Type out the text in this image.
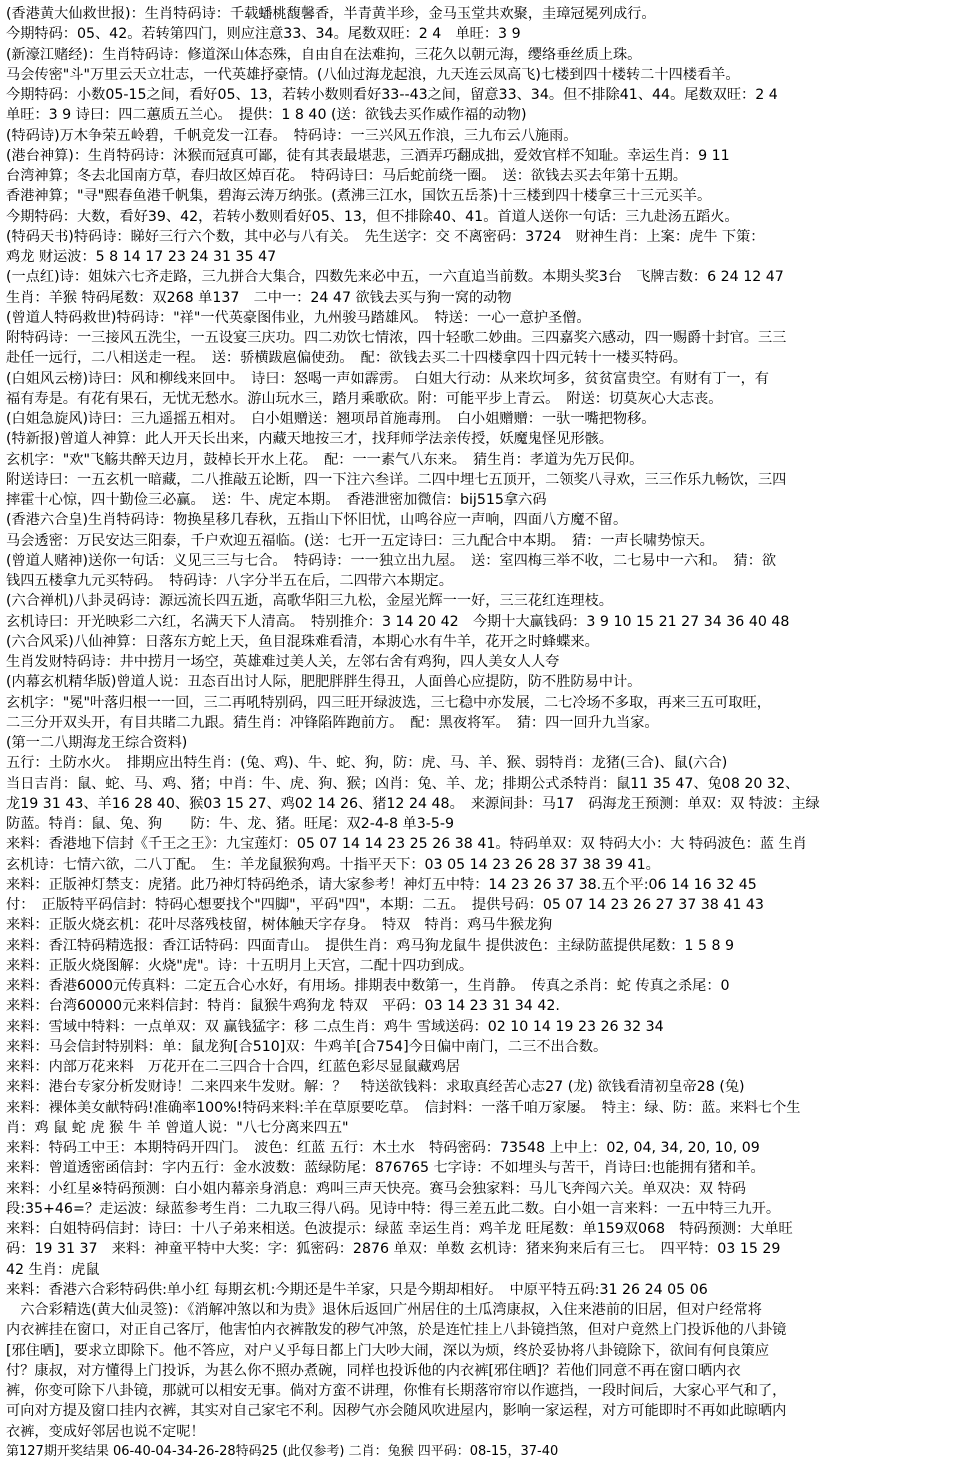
(香港黄大仙救世报)：生肖特码诗：千载蟠桃馥馨香，半青黄半珍，金马玉堂共欢聚，圭璋冠冕列成行。
今期特码：05、42。若转第四门，则应注意33、34。尾数双旺：2 4　单旺：3 9
(新濠江赌经)：生肖特码诗：修道深山体态殊，自由自在法难拘，三花久以朝元海，缨络垂丝质上珠。
马会传密"斗"万里云天立壮志，一代英雄抒豪情。(八仙过海龙起浪，九天连云凤高飞)七楼到四十楼转二十四楼看羊。
今期特码：小数05-15之间，看好05、13，若转小数则看好33--43之间，留意33、34。但不排除41、44。尾数双旺：2 4
单旺：3 9 诗曰：四二蕙质五兰心。　提供：1 8 40 (送：欲钱去买作威作福的动物)
(特码诗)万木争荣五岭碧，千帆竞发一江春。　特码诗：一三兴风五作浪，三九布云八施雨。
(港台神算)：生肖特码诗：沐猴而冠真可鄙，徒有其表最堪悲，三酒弄巧翻成拙，爱效官样不知耻。幸运生肖：9 11
台湾神算；冬去北国南方草，春归故区焯百花。　特码诗曰：马后蛇前绕一圈。　送：欲钱去买去年第十五期。
香港神算；"寻"熙春鱼港千帆集，碧海云涛万纳张。(煮沸三江水，国饮五岳茶)十三楼到四十楼拿三十三元买羊。
今期特码：大数，看好39、42，若转小数则看好05、13，但不排除40、41。首道人送你一句话：三九赴汤五蹈火。
(特码天书)特码诗：睇好三行六个数，其中必与八有关。　先生送字：交 不离密码：3724　财神生肖：上案：虎牛 下策：
鸡龙 财运波：5 8 14 17 23 24 31 35 47
(一点红)诗：姐妹六七齐走路，三九拼合大集合，四数先来必中五，一六直追当前数。本期头奖3台　飞牌吉数：6 24 12 47
生肖：羊猴 特码尾数：双268 单137　二中一：24 47 欲钱去买与狗一窝的动物
(曾道人特码救世)特码诗："祥"一代英豪图伟业，九州骏马踏雄风。　特送：一心一意护圣僧。
附特码诗：一三接风五洗尘，一五设宴三庆功。四二劝饮七情浓，四十轻歌二妙曲。三四嘉奖六感动，四一赐爵十封官。三三
赴任一远行，二八相送走一程。　送：骄横跋扈偏使劲。　配：欲钱去买二十四楼拿四十四元转十一楼买特码。
(白姐风云榜)诗曰：风和柳线来回中。　诗曰：怒喝一声如霹雳。　白姐大行动：从来坎坷多，贫贫富贵空。有财有丁一，有
福有寿是。有花有果石，无忧无愁水。游山玩水三，踏月乘歌砍。附：可能平步上青云。　附送：切莫灰心大志丧。
(白姐急旋风)诗曰：三九遥摇五相对。　白小姐赠送：翘项昂首施毒刑。　白小姐赠赠：一驮一嘴把物移。
(特新报)曾道人神算：此人开天长出来，内藏天地按三才，找拜师学法亲传授，妖魔鬼怪见形骸。
玄机字："欢"飞觞共醉天边月，鼓棹长开水上花。　配：一一素气八东来。　猜生肖：孝道为先万民仰。
附送诗曰：一五玄机一暗藏，二八推敲五论断，四一下注六叁详。二四中埋七五顶开，二领奖八寻欢，三三作乐九畅饮，三四
摔霍十心惊，四十勤俭三必赢。　送：牛、虎定本期。　香港泄密加微信：bij515拿六码
(香港六合皇)生肖特码诗：物换星移几春秋，五指山下怀旧忧，山鸣谷应一声响，四面八方魔不留。
马会透密：万民安达三阳泰，千户欢迎五福临。(送：七开一五定诗曰：三九配合中本期。　猜：一声长啸势惊天。
(曾道人赌神)送你一句话：义见三三与七合。　特码诗：一一独立出九屋。　送：室四梅三举不收，二七易中一六和。　猜：欲
钱四五楼拿九元买特码。　特码诗：八字分半五在后，二四带六本期定。
(六合禅机)八卦灵码诗：源远流长四五逝，高歌华阳三九松，金屋光辉一一好，三三花红连理枝。
玄机诗曰：开光映彩二六红，名满天下人清高。　特别推介：3 14 20 42　今期十大赢钱码：3 9 10 15 21 27 34 36 40 48
(六合风采)八仙神算：日落东方蛇上天，鱼目混珠难看清，本期心水有牛羊，花开之时蜂蝶来。
生肖发财特码诗：井中捞月一场空，英雄难过美人关，左邻右舍有鸡狗，四人美女人人夸
(内幕玄机精华版)曾道人说：丑态百出讨人际，肥肥胖胖生得丑，人面兽心应提防，防不胜防易中计。
玄机字："冕"叶落归根一一回，三二再吼特别码，四三旺开绿波选，三七稳中亦发展，二七冷场不多取，再来三五可取旺，
二三分开双头开，有目共睹二九跟。猜生肖：冲锋陷阵跑前方。　配：黑夜将军。　猜：四一回升九当家。
(第一二八期海龙王综合资料)
五行：土防水火。　排期应出特生肖：(兔、鸡)、牛、蛇、狗，防：虎、马、羊、猴、弱特肖：龙猪(三合)、鼠(六合)
当日吉肖：鼠、蛇、马、鸡、猪；中肖：牛、虎、狗、猴；凶肖：兔、羊、龙；排期公式杀特肖：鼠11 35 47、兔08 20 32、
龙19 31 43、羊16 28 40、猴03 15 27、鸡02 14 26、猪12 24 48。　来源间卦：马17　码海龙王预测：单双：双 特波：主绿
防蓝。特肖：鼠、兔、狗　　防：牛、龙、猪。旺尾：双2-4-8 单3-5-9
来料：香港地下信封《千王之王》：九宝莲灯：05 07 14 14 23 25 26 38 41。特码单双：双 特码大小：大 特码波色：蓝 生肖
玄机诗：七情六欲，二八丁配。　生：羊龙鼠猴狗鸡。十指平天下：03 05 14 23 26 28 37 38 39 41。
来料：正版神灯禁支：虎猪。此乃神灯特码绝杀，请大家参考！神灯五中特：14 23 26 37 38.五个平:06 14 16 32 45
付：　正版特平码信封：特码心想要找个"四脚"，平码"四"，本期：二五。　提供号码：05 07 14 23 26 27 37 38 41 43
来料：正版火烧玄机：花叶尽落残枝留，树体触天字存身。　特双　特肖：鸡马牛猴龙狗
来料：香江特码精选报：香江话特码：四面青山。　提供生肖：鸡马狗龙鼠牛 提供波色：主绿防蓝提供尾数：1 5 8 9
来料：正版火烧图解：火烧"虎"。诗：十五明月上天宫，二配十四功到成。
来料：香港6000元传真料：二定五合心水好，有用场。排期表中数第一，生肖静。　传真之杀肖：蛇 传真之杀尾：0
来料：台湾60000元来料信封：特肖：鼠猴牛鸡狗龙 特双　平码：03 14 23 31 34 42.
来料：雪域中特料：一点单双：双 赢钱猛字：移 二点生肖：鸡牛 雪域送码：02 10 14 19 23 26 32 34
来料：马会信封特别料：单：鼠龙狗[合510]双：牛鸡羊[合754]今日偏中南门，二三不出合数。
来料：内部万花来料　万花开在二三四合十合四，红蓝色彩尽显鼠藏鸡居
来料：港台专家分析发财诗！二来四来牛发财。解：？　特送欲钱料：求取真经苦心志27 (龙) 欲钱看清初皇帝28 (兔)
来料：裸体美女献特码!准确率100%!特码来料:羊在草原要吃草。　信封料：一落千咱万家屡。　特主：绿、防：蓝。来料七个生
肖：鸡 鼠 蛇 虎 猴 牛 羊 曾道人说："八七分离来四五"
来料：特码工中王：本期特码开四门。　波色：红蓝 五行：木土水　特码密码：73548 上中上：02, 04, 34, 20, 10, 09
来料：曾道透密函信封：字内五行：金水波数：蓝绿防尾：876765 七字诗：不如埋头与苦干，肖诗曰:也能拥有猪和羊。
来料：小红星※特码预测：白小姐内幕亲身消息：鸡叫三声天快亮。赛马会独家料：马儿飞奔闯六关。单双决：双 特码
段:35+46=？走运波：绿蓝参考生肖：二九取三得八码。见诗中特：得三差五此二数。白小姐一言来料：一五中特三九开。
来料：白姐特码信封：诗曰：十八子弟来相送。色波提示：绿蓝 幸运生肖：鸡羊龙 旺尾数：单159双068　特码预测：大单旺
码：19 31 37　来料：神童平特中大奖：字：狐密码：2876 单双：单数 玄机诗：猪来狗来后有三七。　四平特：03 15 29
42 生肖：虎鼠
来料：香港六合彩特码供:单小红 每期玄机:今期还是牛羊家，只是今期却相好。　中原平特五码:31 26 24 05 06
　六合彩精选(黄大仙灵签)：《消解冲煞以和为贵》退休后返回广州居住的土瓜湾康叔，入住来港前的旧居，但对户经常将
内衣裤挂在窗口，对正自己客厅，他害怕内衣裤散发的秽气冲煞，於是连忙挂上八卦镜挡煞，但对户竟然上门投诉他的八卦镜
[邪住晒]，要求立即除下。他不答应，对户乂乎每日都上门大吵大闹，深以为烦，终於妥协将八卦镜除下，欲间有何良策应
付？康叔，对方懂得上门投诉，为甚么你不照办煮碗，同样也投诉他的内衣裤[邪住晒]？若他们同意不再在窗口晒内衣
裤，你变可除下八卦镜，那就可以相安无事。倘对方蛮不讲理，你惟有长期落帘帘以作遮挡，一段时间后，大家心平气和了，
可向对方提及窗口挂内衣裤，其实对自己家宅不利。因秽气亦会随风吹进屋内，影响一家运程，对方可能即时不再如此晾晒内
衣裤，变成好邻居也说不定呢！
第127期开奖结果 06-40-04-34-26-28特码25 (此仅参考) 二肖：兔猴 四平码：08-15，37-40
